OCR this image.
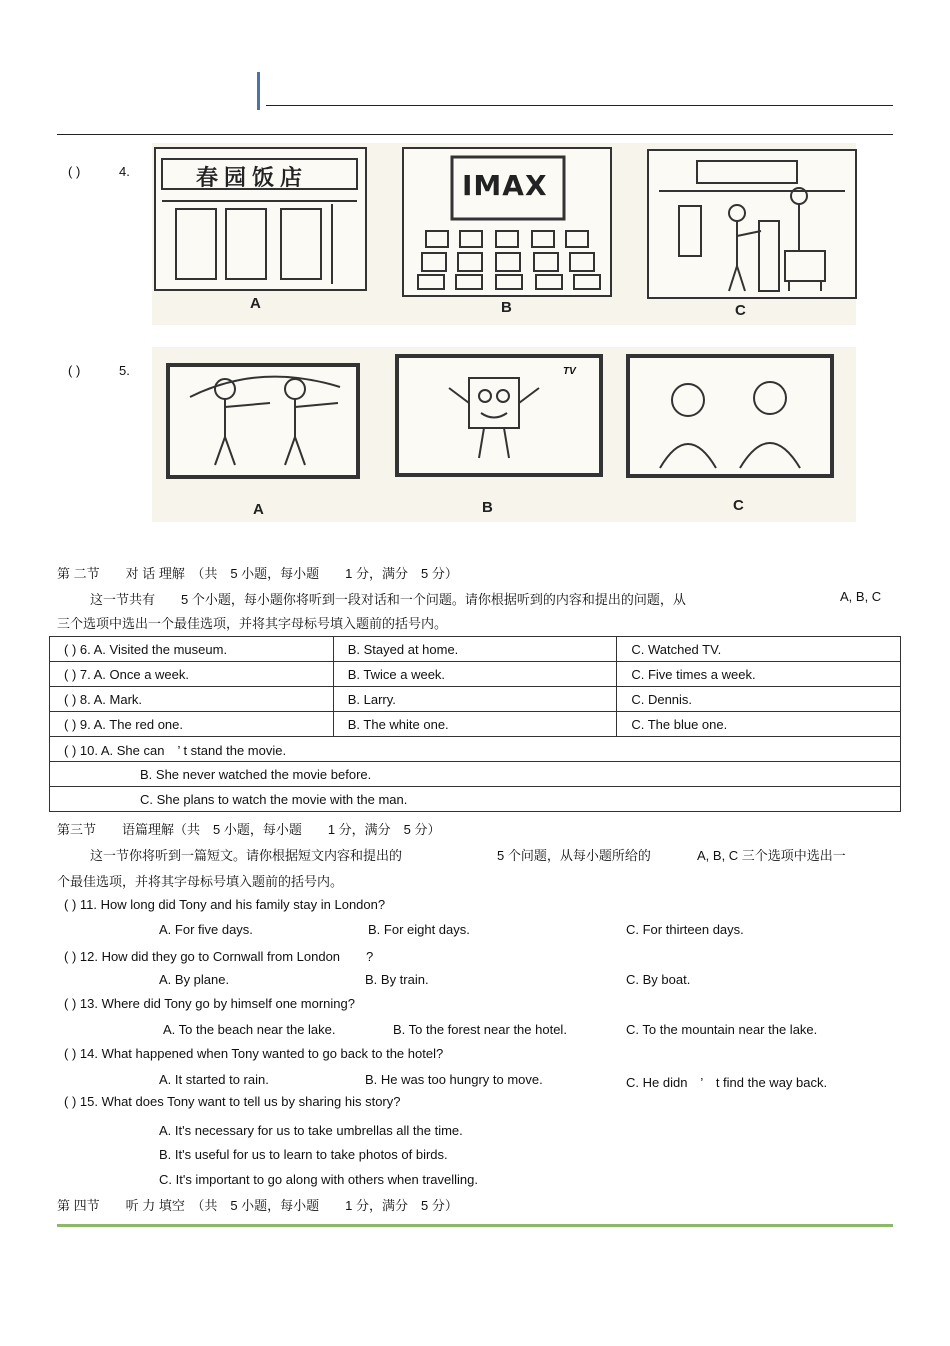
( )	4.	春园饭店
A
IMAX
B	C
( )	5.
A
TV
B	C
第 二节　　对 话 理解　（共　5 小题，每小题　　1 分，满分　5 分）
这一节共有　　5 个小题，每小题你将听到一段对话和一个问题。请你根据听到的内容和提出的问题，从	A, B, C
三个选项中选出一个最佳选项，并将其字母标号填入题前的括号内。
( ) 6. A. Visited the museum.	B. Stayed at home.	C. Watched TV.
( ) 7. A. Once a week.	B. Twice a week.	C. Five times a week.
( ) 8. A. Mark.	B. Larry.	C. Dennis.
( ) 9. A. The red one.	B. The white one.	C. The blue one.
( ) 10. A. She can　’ t stand the movie.		
B. She never watched the movie before.		
C. She plans to watch the movie with the man.		
第三节　　语篇理解（共　5 小题，每小题　　1 分，满分　5 分）
这一节你将听到一篇短文。请你根据短文内容和提出的	5 个问题，从每小题所给的	A, B, C 三个选项中选出一
个最佳选项，并将其字母标号填入题前的括号内。
( ) 11. How long did Tony and his family stay in London?
A. For five days.	B. For eight days.	C. For thirteen days.
( ) 12. How did they go to Cornwall from London　　?
A. By plane.	B. By train.	C. By boat.
( ) 13. Where did Tony go by himself one morning?
A. To the beach near the lake.	B. To the forest near the hotel.	C. To the mountain near the lake.
( ) 14. What happened when Tony wanted to go back to the hotel?
A. It started to rain.	B. He was too hungry to move.	C. He didn　’　t find the way back.
( ) 15. What does Tony want to tell us by sharing his story?
A. It's necessary for us to take umbrellas all the time.
B. It's useful for us to learn to take photos of birds.
C. It's important to go along with others when travelling.
第 四节　　听 力 填空　（共　5 小题，每小题　　1 分，满分　5 分）
